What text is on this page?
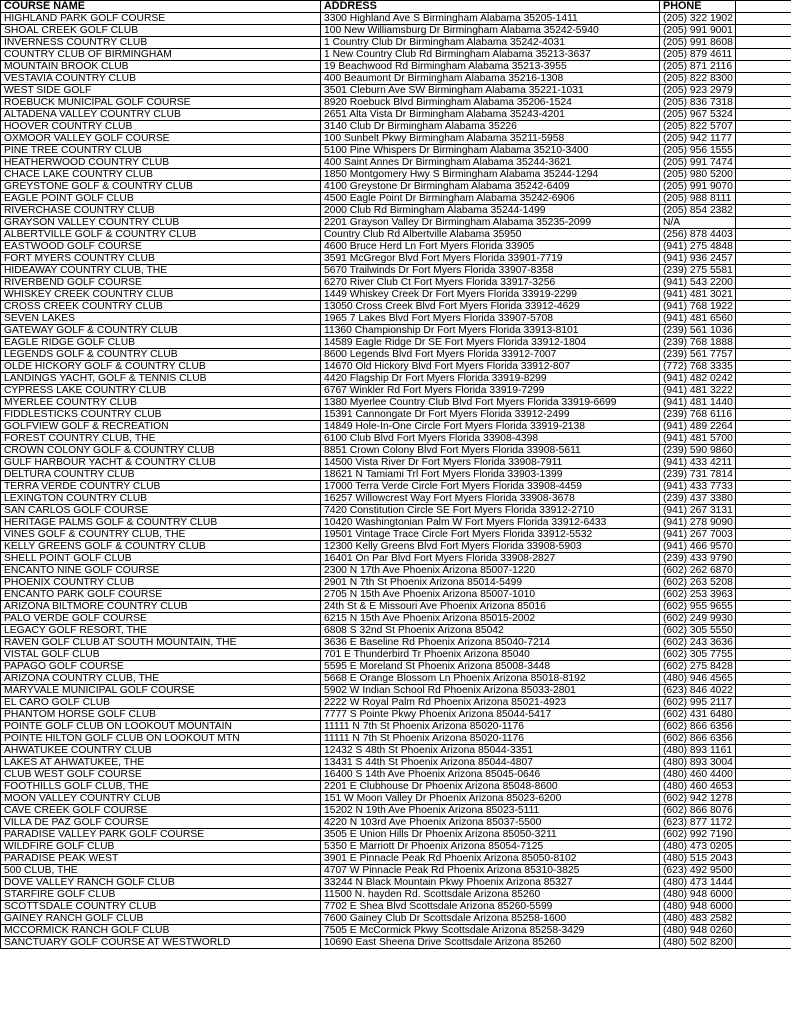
COURSE NAME	ADDRESS	PHONE	
HIGHLAND PARK GOLF COURSE	3300 Highland Ave S Birmingham Alabama 35205-1411	(205) 322 1902	
SHOAL CREEK GOLF CLUB	100 New Williamsburg Dr Birmingham Alabama 35242-5940	(205) 991 9001	
INVERNESS COUNTRY CLUB	1 Country Club Dr Birmingham Alabama 35242-4031	(205) 991 8608	
COUNTRY CLUB OF BIRMINGHAM	1 New Country Club Rd Birmingham Alabama 35213-3637	(205) 879 4611	
MOUNTAIN BROOK CLUB	19 Beachwood Rd Birmingham Alabama 35213-3955	(205) 871 2116	
VESTAVIA COUNTRY CLUB	400 Beaumont Dr Birmingham Alabama 35216-1308	(205) 822 8300	
WEST SIDE GOLF	3501 Cleburn Ave SW Birmingham Alabama 35221-1031	(205) 923 2979	
ROEBUCK MUNICIPAL GOLF COURSE	8920 Roebuck Blvd Birmingham Alabama 35206-1524	(205) 836 7318	
ALTADENA VALLEY COUNTRY CLUB	2651 Alta Vista Dr Birmingham Alabama 35243-4201	(205) 967 5324	
HOOVER COUNTRY CLUB	3140 Club Dr Birmingham Alabama 35226	(205) 822 5707	
OXMOOR VALLEY GOLF COURSE	100 Sunbelt Pkwy Birmingham Alabama 35211-5958	(205) 942 1177	
PINE TREE COUNTRY CLUB	5100 Pine Whispers Dr Birmingham Alabama 35210-3400	(205) 956 1555	
HEATHERWOOD COUNTRY CLUB	400 Saint Annes Dr Birmingham Alabama 35244-3621	(205) 991 7474	
CHACE LAKE COUNTRY CLUB	1850 Montgomery Hwy S Birmingham Alabama 35244-1294	(205) 980 5200	
GREYSTONE GOLF & COUNTRY CLUB	4100 Greystone Dr Birmingham Alabama 35242-6409	(205) 991 9070	
EAGLE POINT GOLF CLUB	4500 Eagle Point Dr Birmingham Alabama 35242-6906	(205) 988 8111	
RIVERCHASE COUNTRY CLUB	2000 Club Rd Birmingham Alabama 35244-1499	(205) 854 2382	
GRAYSON VALLEY COUNTRY CLUB	2201 Grayson Valley Dr Birmingham Alabama 35235-2099	N/A	
ALBERTVILLE GOLF & COUNTRY CLUB	Country Club Rd Albertville Alabama 35950	(256) 878 4403	
EASTWOOD GOLF COURSE	4600 Bruce Herd Ln Fort Myers Florida 33905	(941) 275 4848	
FORT MYERS COUNTRY CLUB	3591 McGregor Blvd Fort Myers Florida 33901-7719	(941) 936 2457	
HIDEAWAY COUNTRY CLUB, THE	5670 Trailwinds Dr Fort Myers Florida 33907-8358	(239) 275 5581	
RIVERBEND GOLF COURSE	6270 River Club Ct Fort Myers Florida 33917-3256	(941) 543 2200	
WHISKEY CREEK COUNTRY CLUB	1449 Whiskey Creek Dr Fort Myers Florida 33919-2299	(941) 481 3021	
CROSS CREEK COUNTRY CLUB	13050 Cross Creek Blvd Fort Myers Florida 33912-4629	(941) 768 1922	
SEVEN LAKES	1965 7 Lakes Blvd Fort Myers Florida 33907-5708	(941) 481 6560	
GATEWAY GOLF & COUNTRY CLUB	11360 Championship Dr Fort Myers Florida 33913-8101	(239) 561 1036	
EAGLE RIDGE GOLF CLUB	14589 Eagle Ridge Dr SE Fort Myers Florida 33912-1804	(239) 768 1888	
LEGENDS GOLF & COUNTRY CLUB	8600 Legends Blvd Fort Myers Florida 33912-7007	(239) 561 7757	
OLDE HICKORY GOLF & COUNTRY CLUB	14670 Old Hickory Blvd Fort Myers Florida 33912-807	(772) 768 3335	
LANDINGS YACHT, GOLF & TENNIS CLUB	4420 Flagship Dr Fort Myers Florida 33919-8299	(941) 482 0242	
CYPRESS LAKE COUNTRY CLUB	6767 Winkler Rd Fort Myers Florida 33919-7299	(941) 481 3222	
MYERLEE COUNTRY CLUB	1380 Myerlee Country Club Blvd Fort Myers Florida 33919-6699	(941) 481 1440	
FIDDLESTICKS COUNTRY CLUB	15391 Cannongate Dr Fort Myers Florida 33912-2499	(239) 768 6116	
GOLFVIEW GOLF & RECREATION	14849 Hole-In-One Circle Fort Myers Florida 33919-2138	(941) 489 2264	
FOREST COUNTRY CLUB, THE	6100 Club Blvd Fort Myers Florida 33908-4398	(941) 481 5700	
CROWN COLONY GOLF & COUNTRY CLUB	8851 Crown Colony Blvd Fort Myers Florida 33908-5611	(239) 590 9860	
GULF HARBOUR YACHT & COUNTRY CLUB	14500 Vista River Dr Fort Myers Florida 33908-7911	(941) 433 4211	
DELTURA COUNTRY CLUB	18621 N Tamiami Trl Fort Myers Florida 33903-1399	(239) 731 7814	
TERRA VERDE COUNTRY CLUB	17000 Terra Verde Circle Fort Myers Florida 33908-4459	(941) 433 7733	
LEXINGTON COUNTRY CLUB	16257 Willowcrest Way Fort Myers Florida 33908-3678	(239) 437 3380	
SAN CARLOS GOLF COURSE	7420 Constitution Circle SE Fort Myers Florida 33912-2710	(941) 267 3131	
HERITAGE PALMS GOLF & COUNTRY CLUB	10420 Washingtonian Palm W Fort Myers Florida 33912-6433	(941) 278 9090	
VINES GOLF & COUNTRY CLUB, THE	19501 Vintage Trace Circle Fort Myers Florida 33912-5532	(941) 267 7003	
KELLY GREENS GOLF & COUNTRY CLUB	12300 Kelly Greens Blvd Fort Myers Florida 33908-5903	(941) 466 9570	
SHELL POINT GOLF CLUB	16401 On Par Blvd Fort Myers Florida 33908-2827	(239) 433 9790	
ENCANTO NINE GOLF COURSE	2300 N 17th Ave Phoenix Arizona 85007-1220	(602) 262 6870	
PHOENIX COUNTRY CLUB	2901 N 7th St Phoenix Arizona 85014-5499	(602) 263 5208	
ENCANTO PARK GOLF COURSE	2705 N 15th Ave Phoenix Arizona 85007-1010	(602) 253 3963	
ARIZONA BILTMORE COUNTRY CLUB	24th St & E Missouri Ave Phoenix Arizona 85016	(602) 955 9655	
PALO VERDE GOLF COURSE	6215 N 15th Ave Phoenix Arizona 85015-2002	(602) 249 9930	
LEGACY GOLF RESORT, THE	6808 S 32nd St Phoenix Arizona 85042	(602) 305 5550	
RAVEN GOLF CLUB AT SOUTH MOUNTAIN, THE	3636 E Baseline Rd Phoenix Arizona 85040-7214	(602) 243 3636	
VISTAL GOLF CLUB	701 E Thunderbird Tr Phoenix Arizona 85040	(602) 305 7755	
PAPAGO GOLF COURSE	5595 E Moreland St Phoenix Arizona 85008-3448	(602) 275 8428	
ARIZONA COUNTRY CLUB, THE	5668 E Orange Blossom Ln Phoenix Arizona 85018-8192	(480) 946 4565	
MARYVALE MUNICIPAL GOLF COURSE	5902 W Indian School Rd Phoenix Arizona 85033-2801	(623) 846 4022	
EL CARO GOLF CLUB	2222 W Royal Palm Rd Phoenix Arizona 85021-4923	(602) 995 2117	
PHANTOM HORSE GOLF CLUB	7777 S Pointe Pkwy Phoenix Arizona 85044-5417	(602) 431 6480	
POINTE GOLF CLUB ON LOOKOUT MOUNTAIN	11111 N 7th St Phoenix Arizona 85020-1176	(602) 866 6356	
POINTE HILTON GOLF CLUB ON LOOKOUT MTN	11111 N 7th St Phoenix Arizona 85020-1176	(602) 866 6356	
AHWATUKEE COUNTRY CLUB	12432 S 48th St Phoenix Arizona 85044-3351	(480) 893 1161	
LAKES AT AHWATUKEE, THE	13431 S 44th St Phoenix Arizona 85044-4807	(480) 893 3004	
CLUB WEST GOLF COURSE	16400 S 14th Ave Phoenix Arizona 85045-0646	(480) 460 4400	
FOOTHILLS GOLF CLUB, THE	2201 E Clubhouse Dr Phoenix Arizona 85048-8600	(480) 460 4653	
MOON VALLEY COUNTRY CLUB	151 W Moon Valley Dr Phoenix Arizona 85023-6200	(602) 942 1278	
CAVE CREEK GOLF COURSE	15202 N 19th Ave Phoenix Arizona 85023-5111	(602) 866 8076	
VILLA DE PAZ GOLF COURSE	4220 N 103rd Ave Phoenix Arizona 85037-5500	(623) 877 1172	
PARADISE VALLEY PARK GOLF COURSE	3505 E Union Hills Dr Phoenix Arizona 85050-3211	(602) 992 7190	
WILDFIRE GOLF CLUB	5350 E Marriott Dr Phoenix Arizona 85054-7125	(480) 473 0205	
PARADISE PEAK WEST	3901 E Pinnacle Peak Rd Phoenix Arizona 85050-8102	(480) 515 2043	
500 CLUB, THE	4707 W Pinnacle Peak Rd Phoenix Arizona 85310-3825	(623) 492 9500	
DOVE VALLEY RANCH GOLF CLUB	33244 N Black Mountain Pkwy Phoenix Arizona 85327	(480) 473 1444	
STARFIRE GOLF CLUB	11500 N. hayden Rd. Scottsdale Arizona 85260	(480) 948 6000	
SCOTTSDALE COUNTRY CLUB	7702 E Shea Blvd Scottsdale Arizona 85260-5599	(480) 948 6000	
GAINEY RANCH GOLF CLUB	7600 Gainey Club Dr Scottsdale Arizona 85258-1600	(480) 483 2582	
MCCORMICK RANCH GOLF CLUB	7505 E McCormick Pkwy Scottsdale Arizona 85258-3429	(480) 948 0260	
SANCTUARY GOLF COURSE AT WESTWORLD	10690 East Sheena Drive Scottsdale Arizona 85260	(480) 502 8200	
